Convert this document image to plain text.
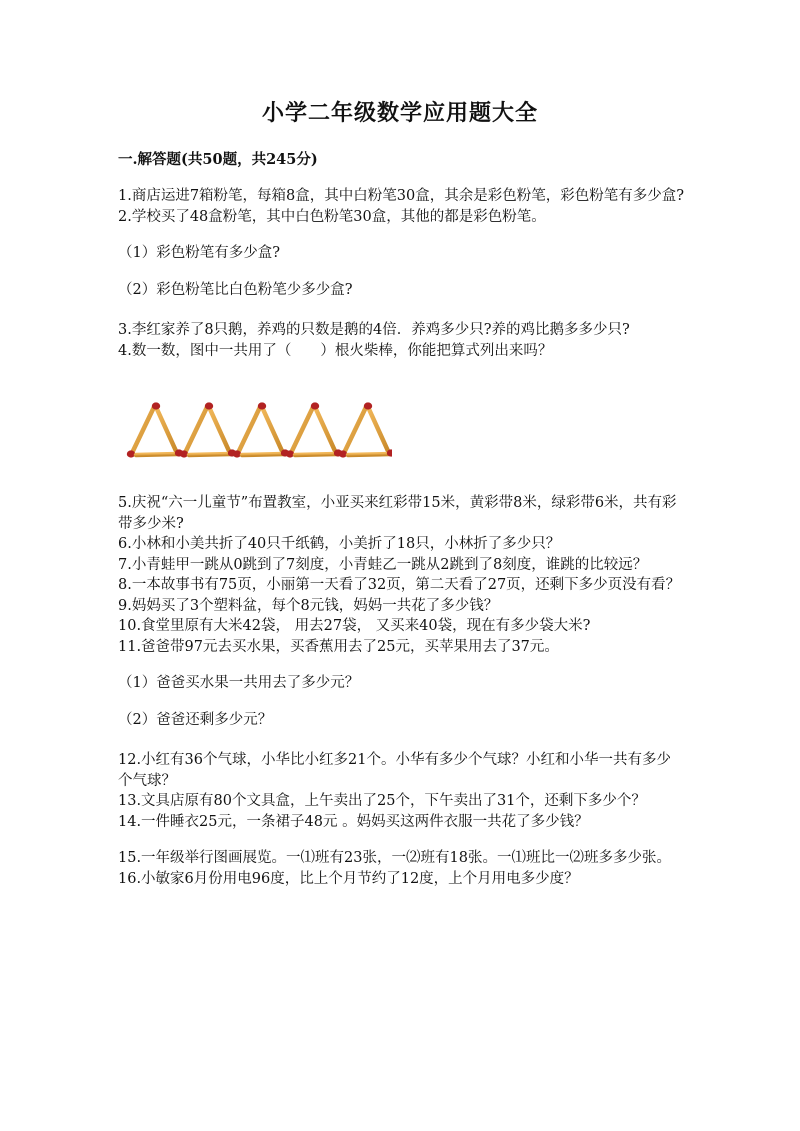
小学二年级数学应用题大全
一.解答题(共50题，共245分)

1.商店运进7箱粉笔，每箱8盒，其中白粉笔30盒，其余是彩色粉笔，彩色粉笔有多少盒?

2.学校买了48盒粉笔，其中白色粉笔30盒，其他的都是彩色粉笔。

（1）彩色粉笔有多少盒?

（2）彩色粉笔比白色粉笔少多少盒?

3.李红家养了8只鹅，养鸡的只数是鹅的4倍．养鸡多少只?养的鸡比鹅多多少只?

4.数一数，图中一共用了（　　）根火柴棒，你能把算式列出来吗？

5.庆祝“六一儿童节”布置教室，小亚买来红彩带15米，黄彩带8米，绿彩带6米，共有彩带多少米?

6.小林和小美共折了40只千纸鹤，小美折了18只，小林折了多少只？

7.小青蛙甲一跳从0跳到了7刻度，小青蛙乙一跳从2跳到了8刻度，谁跳的比较远？

8.一本故事书有75页，小丽第一天看了32页，第二天看了27页，还剩下多少页没有看？

9.妈妈买了3个塑料盆，每个8元钱，妈妈一共花了多少钱？

10.食堂里原有大米42袋， 用去27袋， 又买来40袋，现在有多少袋大米?

11.爸爸带97元去买水果，买香蕉用去了25元，买苹果用去了37元。

（1）爸爸买水果一共用去了多少元？

（2）爸爸还剩多少元？

12.小红有36个气球，小华比小红多21个。小华有多少个气球？小红和小华一共有多少个气球？

13.文具店原有80个文具盒，上午卖出了25个，下午卖出了31个，还剩下多少个？

14.一件睡衣25元，一条裙子48元 。妈妈买这两件衣服一共花了多少钱？

15.一年级举行图画展览。一⑴班有23张，一⑵班有18张。一⑴班比一⑵班多多少张。

16.小敏家6月份用电96度，比上个月节约了12度，上个月用电多少度？
